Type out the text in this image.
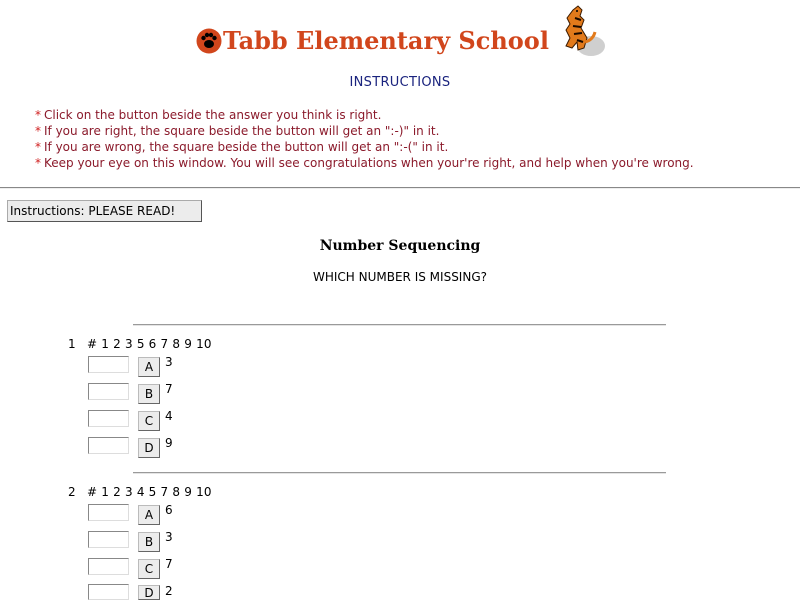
Tabb Elementary School
INSTRUCTIONS
* Click on the button beside the answer you think is right.
* If you are right, the square beside the button will get an ":-)" in it.
* If you are wrong, the square beside the button will get an ":-(" in it.
* Keep your eye on this window. You will see congratulations when your're right, and help when you're wrong.
Instructions: PLEASE READ!
Number Sequencing
WHICH NUMBER IS MISSING?
1 # 1 2 3 5 6 7 8 9 10
A 3
B 7
C 4
D 9
2 # 1 2 3 4 5 7 8 9 10
A 6
B 3
C 7
D 2
